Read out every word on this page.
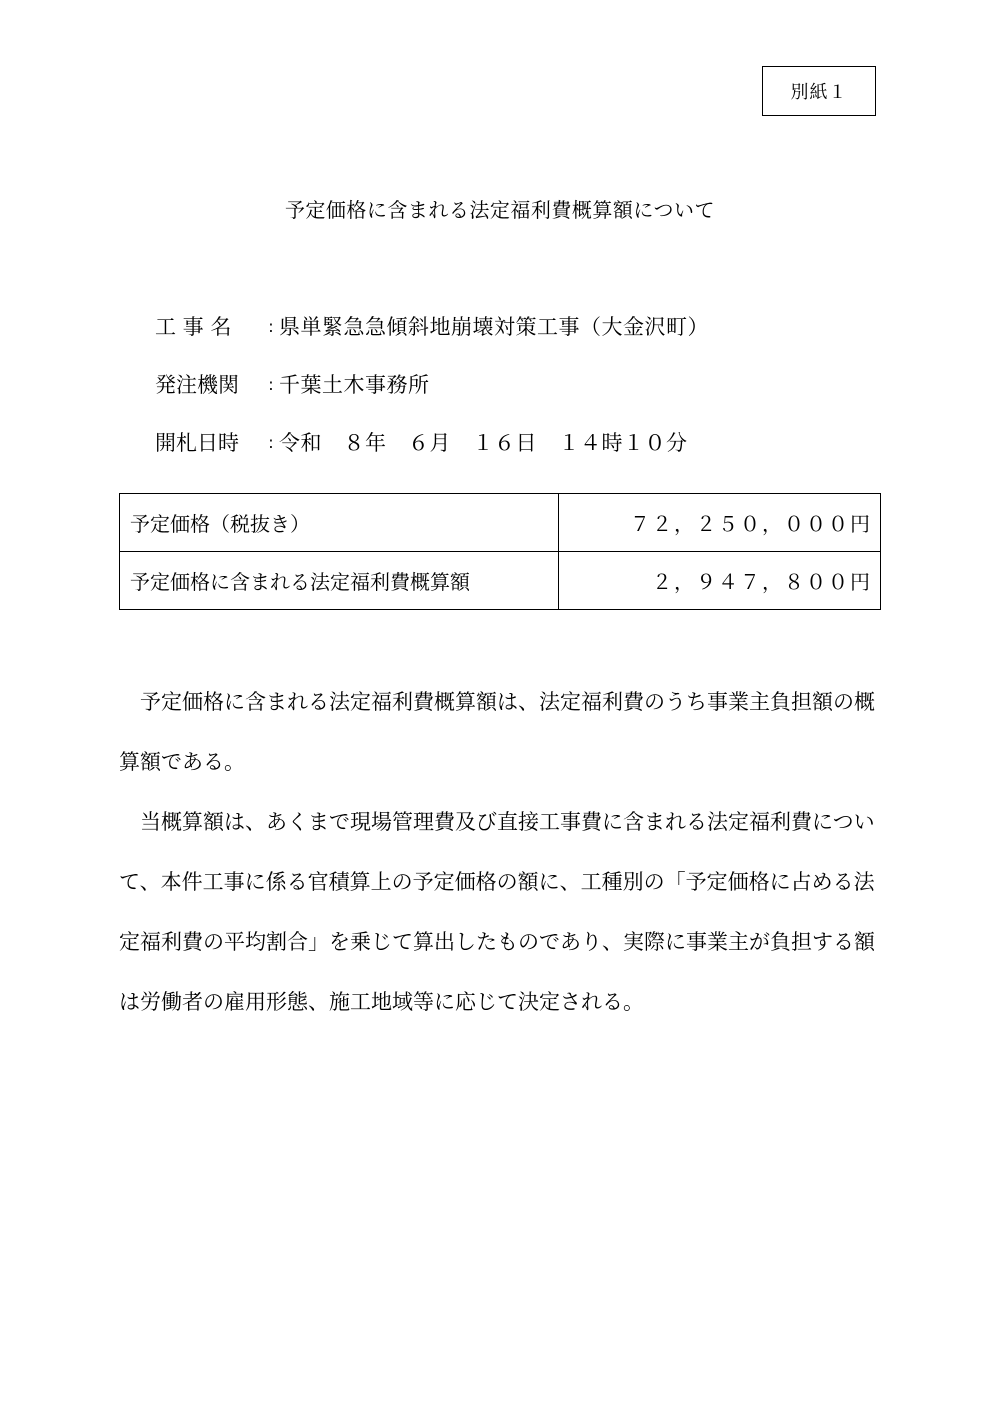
別紙１
予定価格に含まれる法定福利費概算額について
工 事 名	: 県単緊急急傾斜地崩壊対策工事（大金沢町）
発注機関	: 千葉土木事務所
開札日時	: 令和　８年　６月　１６日　１４時１０分
予定価格（税抜き）	７２，２５０，０００円
予定価格に含まれる法定福利費概算額	２，９４７，８００円

予定価格に含まれる法定福利費概算額は、法定福利費のうち事業主負担額の概算額である。

当概算額は、あくまで現場管理費及び直接工事費に含まれる法定福利費について、本件工事に係る官積算上の予定価格の額に、工種別の「予定価格に占める法定福利費の平均割合」を乗じて算出したものであり、実際に事業主が負担する額は労働者の雇用形態、施工地域等に応じて決定される。
